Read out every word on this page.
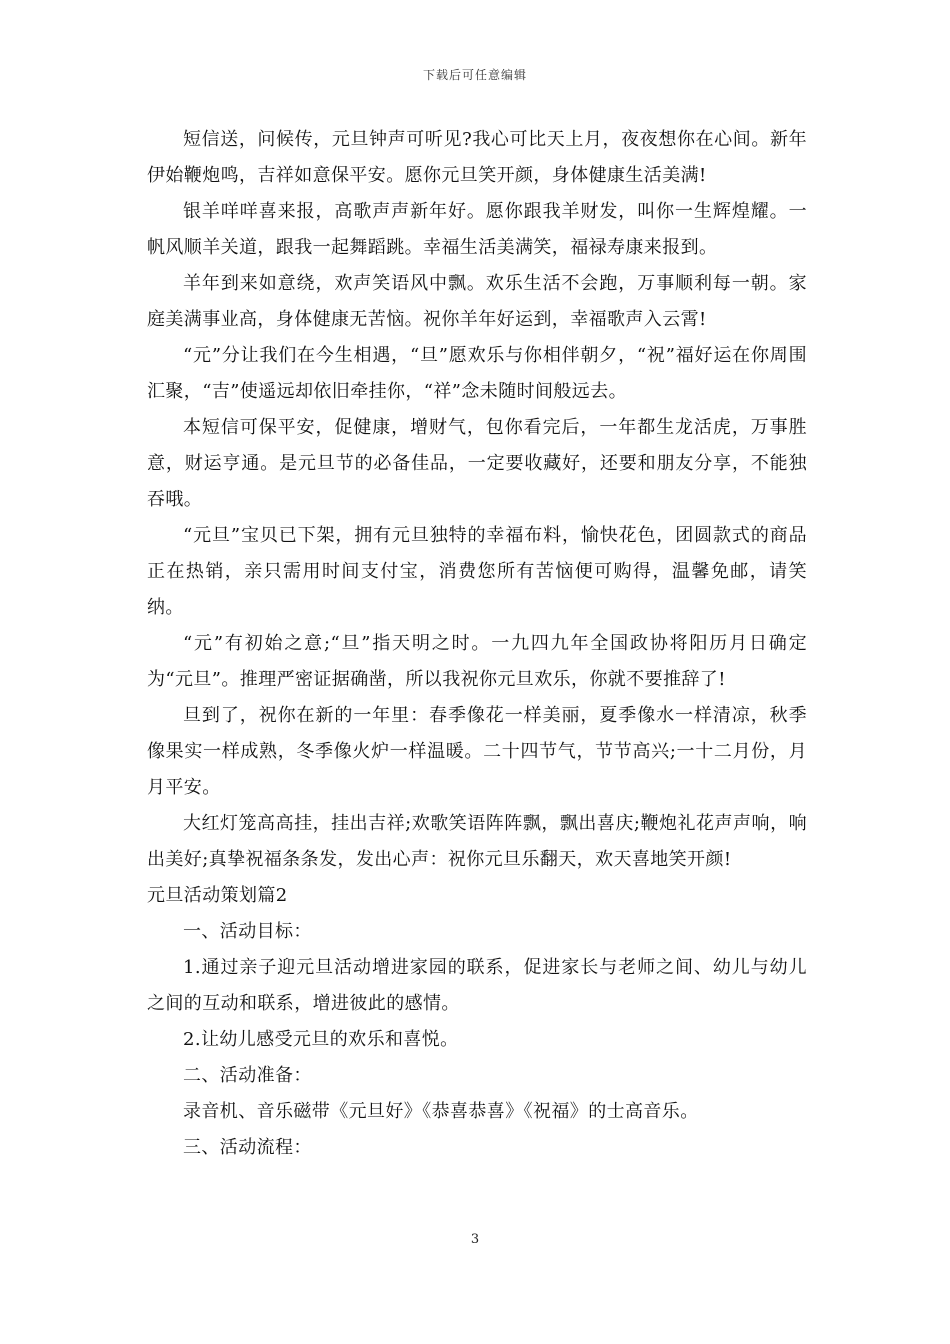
下载后可任意编辑

短信送，问候传，元旦钟声可听见?我心可比天上月，夜夜想你在心间。新年伊始鞭炮鸣，吉祥如意保平安。愿你元旦笑开颜，身体健康生活美满!

银羊咩咩喜来报，高歌声声新年好。愿你跟我羊财发，叫你一生辉煌耀。一帆风顺羊关道，跟我一起舞蹈跳。幸福生活美满笑，福禄寿康来报到。

羊年到来如意绕，欢声笑语风中飘。欢乐生活不会跑，万事顺利每一朝。家庭美满事业高，身体健康无苦恼。祝你羊年好运到，幸福歌声入云霄!

“元”分让我们在今生相遇，“旦”愿欢乐与你相伴朝夕，“祝”福好运在你周围汇聚，“吉”使遥远却依旧牵挂你，“祥”念未随时间般远去。

本短信可保平安，促健康，增财气，包你看完后，一年都生龙活虎，万事胜意，财运亨通。是元旦节的必备佳品，一定要收藏好，还要和朋友分享，不能独吞哦。

“元旦”宝贝已下架，拥有元旦独特的幸福布料，愉快花色，团圆款式的商品正在热销，亲只需用时间支付宝，消费您所有苦恼便可购得，温馨免邮，请笑纳。

“元”有初始之意;“旦”指天明之时。一九四九年全国政协将阳历月日确定为“元旦”。推理严密证据确凿，所以我祝你元旦欢乐，你就不要推辞了!

旦到了，祝你在新的一年里：春季像花一样美丽，夏季像水一样清凉，秋季像果实一样成熟，冬季像火炉一样温暖。二十四节气，节节高兴;一十二月份，月月平安。

大红灯笼高高挂，挂出吉祥;欢歌笑语阵阵飘，飘出喜庆;鞭炮礼花声声响，响出美好;真挚祝福条条发，发出心声：祝你元旦乐翻天，欢天喜地笑开颜!

元旦活动策划篇2

一、活动目标：

1.通过亲子迎元旦活动增进家园的联系，促进家长与老师之间、幼儿与幼儿之间的互动和联系，增进彼此的感情。

2.让幼儿感受元旦的欢乐和喜悦。

二、活动准备：

录音机、音乐磁带《元旦好》《恭喜恭喜》《祝福》的士高音乐。

三、活动流程：

3
